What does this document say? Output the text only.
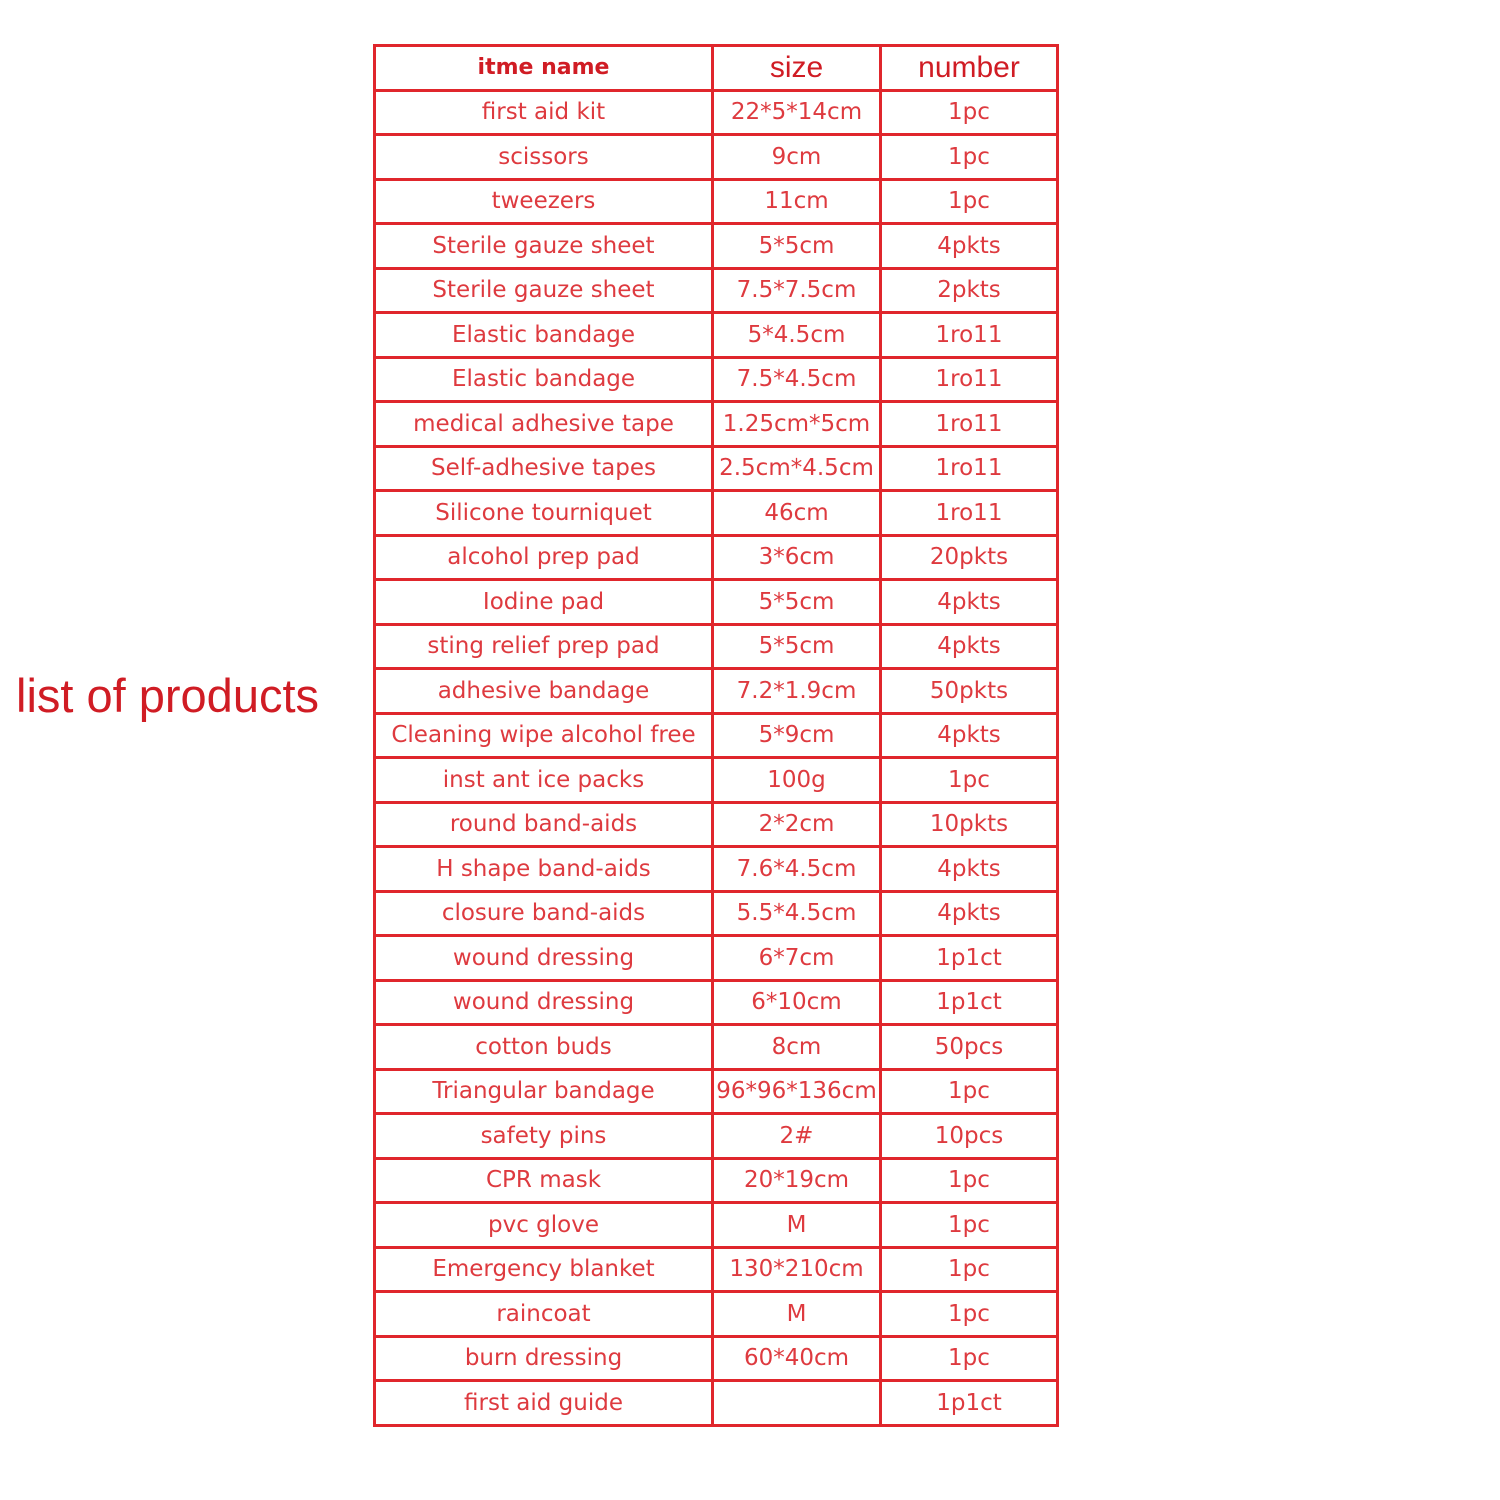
list of products
itme name	size	number
first aid kit	22*5*14cm	1pc
scissors	9cm	1pc
tweezers	11cm	1pc
Sterile gauze sheet	5*5cm	4pkts
Sterile gauze sheet	7.5*7.5cm	2pkts
Elastic bandage	5*4.5cm	1ro11
Elastic bandage	7.5*4.5cm	1ro11
medical adhesive tape	1.25cm*5cm	1ro11
Self-adhesive tapes	2.5cm*4.5cm	1ro11
Silicone tourniquet	46cm	1ro11
alcohol prep pad	3*6cm	20pkts
Iodine pad	5*5cm	4pkts
sting relief prep pad	5*5cm	4pkts
adhesive bandage	7.2*1.9cm	50pkts
Cleaning wipe alcohol free	5*9cm	4pkts
inst ant ice packs	100g	1pc
round band-aids	2*2cm	10pkts
H shape band-aids	7.6*4.5cm	4pkts
closure band-aids	5.5*4.5cm	4pkts
wound dressing	6*7cm	1p1ct
wound dressing	6*10cm	1p1ct
cotton buds	8cm	50pcs
Triangular bandage	96*96*136cm	1pc
safety pins	2#	10pcs
CPR mask	20*19cm	1pc
pvc glove	M	1pc
Emergency blanket	130*210cm	1pc
raincoat	M	1pc
burn dressing	60*40cm	1pc
first aid guide		1p1ct
